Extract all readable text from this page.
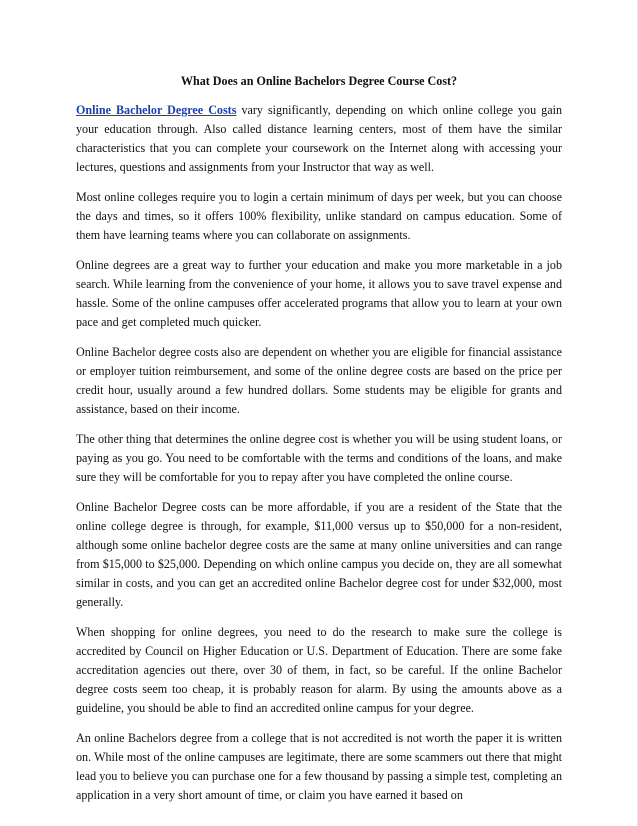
What Does an Online Bachelors Degree Course Cost?

Online Bachelor Degree Costs vary significantly, depending on which online college you gain your education through. Also called distance learning centers, most of them have the similar characteristics that you can complete your coursework on the Internet along with accessing your lectures, questions and assignments from your Instructor that way as well.

Most online colleges require you to login a certain minimum of days per week, but you can choose the days and times, so it offers 100% flexibility, unlike standard on campus education. Some of them have learning teams where you can collaborate on assignments.

Online degrees are a great way to further your education and make you more marketable in a job search. While learning from the convenience of your home, it allows you to save travel expense and hassle. Some of the online campuses offer accelerated programs that allow you to learn at your own pace and get completed much quicker.

Online Bachelor degree costs also are dependent on whether you are eligible for financial assistance or employer tuition reimbursement, and some of the online degree costs are based on the price per credit hour, usually around a few hundred dollars. Some students may be eligible for grants and assistance, based on their income.

The other thing that determines the online degree cost is whether you will be using student loans, or paying as you go. You need to be comfortable with the terms and conditions of the loans, and make sure they will be comfortable for you to repay after you have completed the online course.

Online Bachelor Degree costs can be more affordable, if you are a resident of the State that the online college degree is through, for example, $11,000 versus up to $50,000 for a non-resident, although some online bachelor degree costs are the same at many online universities and can range from $15,000 to $25,000. Depending on which online campus you decide on, they are all somewhat similar in costs, and you can get an accredited online Bachelor degree cost for under $32,000, most generally.

When shopping for online degrees, you need to do the research to make sure the college is accredited by Council on Higher Education or U.S. Department of Education. There are some fake accreditation agencies out there, over 30 of them, in fact, so be careful. If the online Bachelor degree costs seem too cheap, it is probably reason for alarm. By using the amounts above as a guideline, you should be able to find an accredited online campus for your degree.

An online Bachelors degree from a college that is not accredited is not worth the paper it is written on. While most of the online campuses are legitimate, there are some scammers out there that might lead you to believe you can purchase one for a few thousand by passing a simple test, completing an application in a very short amount of time, or claim you have earned it based on
